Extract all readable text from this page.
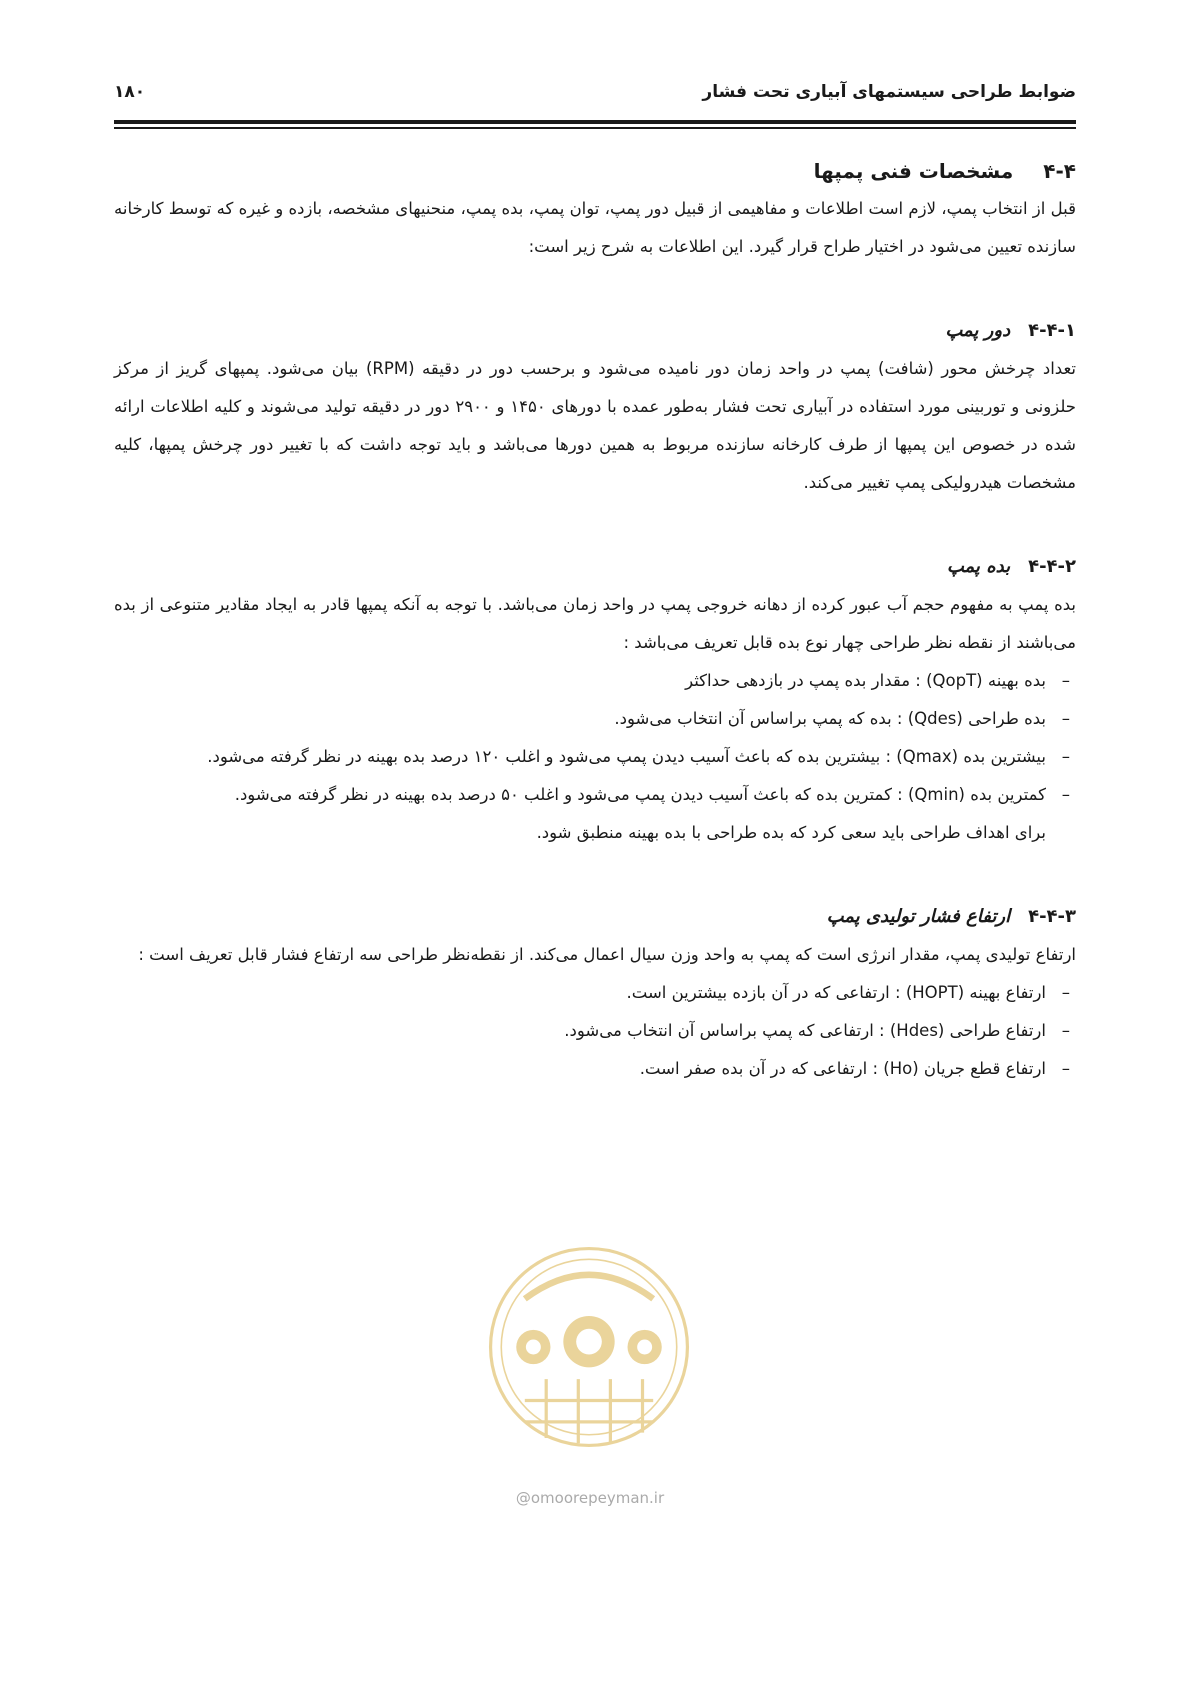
ضوابط طراحی سیستمهای آبیاری تحت فشار
۱۸۰
۴-۴مشخصات فنی پمپها

قبل از انتخاب پمپ، لازم است اطلاعات و مفاهیمی از قبیل دور پمپ، توان پمپ، بده پمپ، منحنیهای مشخصه، بازده و غیره که توسط کارخانه سازنده تعیین می‌شود در اختیار طراح قرار گیرد. این اطلاعات به شرح زیر است:

۴-۴-۱دور پمپ

تعداد چرخش محور (شافت) پمپ در واحد زمان دور نامیده می‌شود و برحسب دور در دقیقه (RPM) بیان می‌شود. پمپهای گریز از مرکز حلزونی و توربینی مورد استفاده در آبیاری تحت فشار به‌طور عمده با دورهای ۱۴۵۰ و ۲۹۰۰ دور در دقیقه تولید می‌شوند و کلیه اطلاعات ارائه شده در خصوص این پمپها از طرف کارخانه سازنده مربوط به همین دورها می‌باشد و باید توجه داشت که با تغییر دور چرخش پمپها، کلیه مشخصات هیدرولیکی پمپ تغییر می‌کند.

۴-۴-۲بده پمپ

بده پمپ به مفهوم حجم آب عبور کرده از دهانه خروجی پمپ در واحد زمان می‌باشد. با توجه به آنکه پمپها قادر به ایجاد مقادیر متنوعی از بده می‌باشند از نقطه نظر طراحی چهار نوع بده قابل تعریف می‌باشد :

– بده بهینه (QopT) : مقدار بده پمپ در بازدهی حداکثر
– بده طراحی (Qdes) : بده که پمپ براساس آن انتخاب می‌شود.
– بیشترین بده (Qmax) : بیشترین بده که باعث آسیب دیدن پمپ می‌شود و اغلب ۱۲۰ درصد بده بهینه در نظر گرفته می‌شود.
– کمترین بده (Qmin) : کمترین بده که باعث آسیب دیدن پمپ می‌شود و اغلب ۵۰ درصد بده بهینه در نظر گرفته می‌شود.
برای اهداف طراحی باید سعی کرد که بده طراحی با بده بهینه منطبق شود.
۴-۴-۳ارتفاع فشار تولیدی پمپ

ارتفاع تولیدی پمپ، مقدار انرژی است که پمپ به واحد وزن سیال اعمال می‌کند. از نقطه‌نظر طراحی سه ارتفاع فشار قابل تعریف است :

– ارتفاع بهینه (HOPT) : ارتفاعی که در آن بازده بیشترین است.
– ارتفاع طراحی (Hdes) : ارتفاعی که پمپ براساس آن انتخاب می‌شود.
– ارتفاع قطع جریان (Ho) : ارتفاعی که در آن بده صفر است.
@omoorepeyman.ir
